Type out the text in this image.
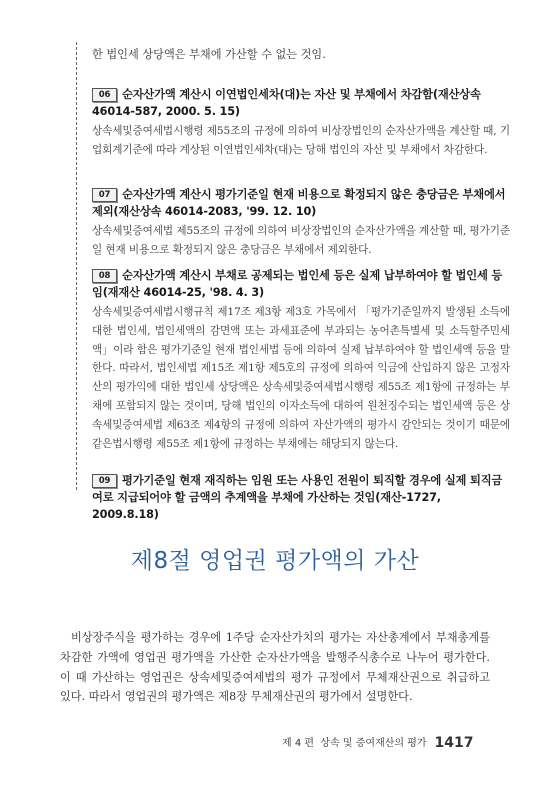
한 법인세 상당액은 부채에 가산할 수 없는 것임.

06 순자산가액 계산시 이연법인세차(대)는 자산 및 부채에서 차감함(재산상속 46014-587, 2000. 5. 15)

상속세및증여세법시행령 제55조의 규정에 의하여 비상장법인의 순자산가액을 계산할 때, 기업회계기준에 따라 계상된 이연법인세차(대)는 당해 법인의 자산 및 부채에서 차감한다.

07 순자산가액 계산시 평가기준일 현재 비용으로 확정되지 않은 충당금은 부채에서 제외(재산상속 46014-2083, '99. 12. 10)

상속세및증여세법 제55조의 규정에 의하여 비상장법인의 순자산가액을 계산할 때, 평가기준일 현재 비용으로 확정되지 않은 충당금은 부채에서 제외한다.

08 순자산가액 계산시 부채로 공제되는 법인세 등은 실제 납부하여야 할 법인세 등임(재재산 46014-25, '98. 4. 3)

상속세및증여세법시행규칙 제17조 제3항 제3호 가목에서 「평가기준일까지 발생된 소득에 대한 법인세, 법인세액의 감면액 또는 과세표준에 부과되는 농어촌특별세 및 소득할주민세액」이라 함은 평가기준일 현재 법인세법 등에 의하여 실제 납부하여야 할 법인세액 등을 말한다. 따라서, 법인세법 제15조 제1항 제5호의 규정에 의하여 익금에 산입하지 않은 고정자산의 평가익에 대한 법인세 상당액은 상속세및증여세법시행령 제55조 제1항에 규정하는 부채에 포함되지 않는 것이며, 당해 법인의 이자소득에 대하여 원천징수되는 법인세액 등은 상속세및증여세법 제63조 제4항의 규정에 의하여 자산가액의 평가시 감안되는 것이기 때문에 같은법시행령 제55조 제1항에 규정하는 부채에는 해당되지 않는다.

09 평가기준일 현재 재직하는 임원 또는 사용인 전원이 퇴직할 경우에 실제 퇴직금여로 지급되어야 할 금액의 추계액을 부채에 가산하는 것임(재산-1727, 2009.8.18)

제8절 영업권 평가액의 가산

비상장주식을 평가하는 경우에 1주당 순자산가치의 평가는 자산총계에서 부채총계를 차감한 가액에 영업권 평가액을 가산한 순자산가액을 발행주식총수로 나누어 평가한다. 이 때 가산하는 영업권은 상속세및증여세법의 평가 규정에서 무체재산권으로 취급하고 있다. 따라서 영업권의 평가액은 제8장 무체재산권의 평가에서 설명한다.

제 4 편 상속 및 증여재산의 평가 1417
